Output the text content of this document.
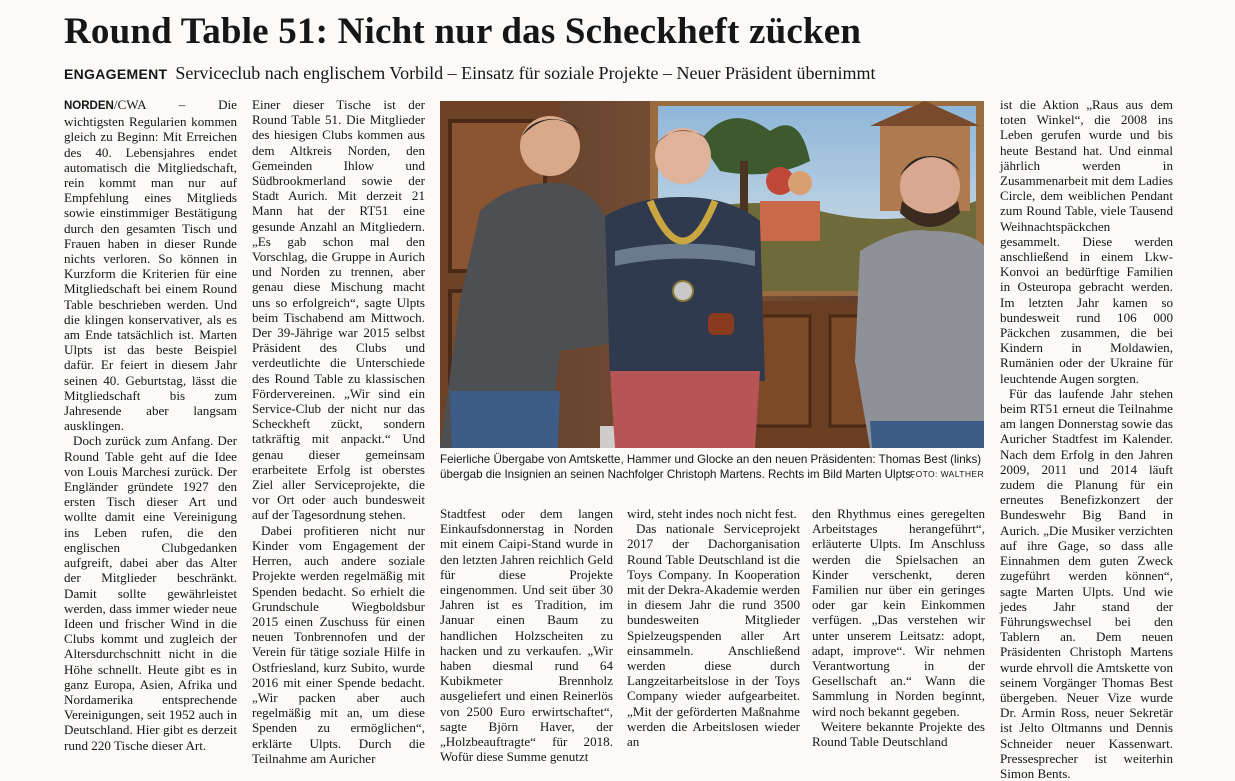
Round Table 51: Nicht nur das Scheckheft zücken
ENGAGEMENT Serviceclub nach englischem Vorbild – Einsatz für soziale Projekte – Neuer Präsident übernimmt

NORDEN/CWA	– Die wichtigsten Regularien kommen gleich zu Beginn: Mit Erreichen des 40. Lebensjahres endet automatisch die Mitgliedschaft, rein kommt man nur auf Empfehlung eines Mitglieds sowie einstimmiger Bestätigung durch den gesamten Tisch und Frauen haben in dieser Runde nichts verloren. So können in Kurzform die Kriterien für eine Mitgliedschaft bei einem Round Table beschrieben werden. Und die klingen konservativer, als es am Ende tatsächlich ist. Marten Ulpts ist das beste Beispiel dafür. Er feiert in diesem Jahr seinen 40. Geburtstag, lässt die Mitgliedschaft bis zum Jahresende aber langsam ausklingen.

Doch zurück zum Anfang. Der Round Table geht auf die Idee von Louis Marchesi zurück. Der Engländer gründete 1927 den ersten Tisch dieser Art und wollte damit eine Vereinigung ins Leben rufen, die den englischen Clubgedanken aufgreift, dabei aber das Alter der Mitglieder beschränkt. Damit sollte gewährleistet werden, dass immer wieder neue Ideen und frischer Wind in die Clubs kommt und zugleich der Altersdurchschnitt nicht in die Höhe schnellt. Heute gibt es in ganz Europa, Asien, Afrika und Nordamerika entsprechende Vereinigungen, seit 1952 auch in Deutschland. Hier gibt es derzeit rund 220 Tische dieser Art.

Einer dieser Tische ist der Round Table 51. Die Mitglieder des hiesigen Clubs kommen aus dem Altkreis Norden, den Gemeinden Ihlow und Südbrookmerland sowie der Stadt Aurich. Mit derzeit 21 Mann hat der RT51 eine gesunde Anzahl an Mitgliedern. „Es gab schon mal den Vorschlag, die Gruppe in Aurich und Norden zu trennen, aber genau diese Mischung macht uns so erfolgreich“, sagte Ulpts beim Tischabend am Mittwoch. Der 39-Jährige war 2015 selbst Präsident des Clubs und verdeutlichte die Unterschiede des Round Table zu klassischen Fördervereinen. „Wir sind ein Service-Club der nicht nur das Scheckheft zückt, sondern tatkräftig mit anpackt.“ Und genau dieser gemeinsam erarbeitete Erfolg ist oberstes Ziel aller Serviceprojekte, die vor Ort oder auch bundesweit auf der Tagesordnung stehen.

Dabei profitieren nicht nur Kinder vom Engagement der Herren, auch andere soziale Projekte werden regelmäßig mit Spenden bedacht. So erhielt die Grundschule Wiegboldsbur 2015 einen Zuschuss für einen neuen Tonbrennofen und der Verein für tätige soziale Hilfe in Ostfriesland, kurz Subito, wurde 2016 mit einer Spende bedacht. „Wir packen aber auch regelmäßig mit an, um diese Spenden zu ermöglichen“, erklärte Ulpts. Durch die Teilnahme am Auricher

Feierliche Übergabe von Amtskette, Hammer und Glocke an den neuen Präsidenten: Thomas Best (links) übergab die Insignien an seinen Nachfolger Christoph Martens. Rechts im Bild Marten Ulpts.
FOTO: WALTHER

Stadtfest oder dem langen Einkaufsdonnerstag in Norden mit einem Caipi-Stand wurde in den letzten Jahren reichlich Geld für diese Projekte eingenommen. Und seit über 30 Jahren ist es Tradition, im Januar einen Baum zu handlichen Holzscheiten zu hacken und zu verkaufen. „Wir haben diesmal rund 64 Kubikmeter Brennholz ausgeliefert und einen Reinerlös von 2500 Euro erwirtschaftet“, sagte Björn Haver, der „Holzbeauftragte“ für 2018. Wofür diese Summe genutzt

wird, steht indes noch nicht fest.

Das nationale Serviceprojekt 2017 der Dachorganisation Round Table Deutschland ist die Toys Company. In Kooperation mit der Dekra-Akademie werden in diesem Jahr die rund 3500 bundesweiten Mitglieder Spielzeugspenden aller Art einsammeln. Anschließend werden diese durch Langzeitarbeitslose in der Toys Company wieder aufgearbeitet. „Mit der geförderten Maßnahme werden die Arbeitslosen wieder an

den Rhythmus eines geregelten Arbeitstages herangeführt“, erläuterte Ulpts. Im Anschluss werden die Spielsachen an Kinder verschenkt, deren Familien nur über ein geringes oder gar kein Einkommen verfügen. „Das verstehen wir unter unserem Leitsatz: adopt, adapt, improve“. Wir nehmen Verantwortung in der Gesellschaft an.“ Wann die Sammlung in Norden beginnt, wird noch bekannt gegeben.

Weitere bekannte Projekte des Round Table Deutschland

ist die Aktion „Raus aus dem toten Winkel“, die 2008 ins Leben gerufen wurde und bis heute Bestand hat. Und einmal jährlich werden in Zusammenarbeit mit dem Ladies Circle, dem weiblichen Pendant zum Round Table, viele Tausend Weihnachtspäckchen gesammelt. Diese werden anschließend in einem Lkw-Konvoi an bedürftige Familien in Osteuropa gebracht werden. Im letzten Jahr kamen so bundesweit rund 106 000 Päckchen zusammen, die bei Kindern in Moldawien, Rumänien oder der Ukraine für leuchtende Augen sorgten.

Für das laufende Jahr stehen beim RT51 erneut die Teilnahme am langen Donnerstag sowie das Auricher Stadtfest im Kalender. Nach dem Erfolg in den Jahren 2009, 2011 und 2014 läuft zudem die Planung für ein erneutes Benefizkonzert der Bundeswehr Big Band in Aurich. „Die Musiker verzichten auf ihre Gage, so dass alle Einnahmen dem guten Zweck zugeführt werden können“, sagte Marten Ulpts. Und wie jedes Jahr stand der Führungswechsel bei den Tablern an. Dem neuen Präsidenten Christoph Martens wurde ehrvoll die Amtskette von seinem Vorgänger Thomas Best übergeben. Neuer Vize wurde Dr. Armin Ross, neuer Sekretär ist Jelto Oltmanns und Dennis Schneider neuer Kassenwart. Pressesprecher ist weiterhin Simon Bents.
